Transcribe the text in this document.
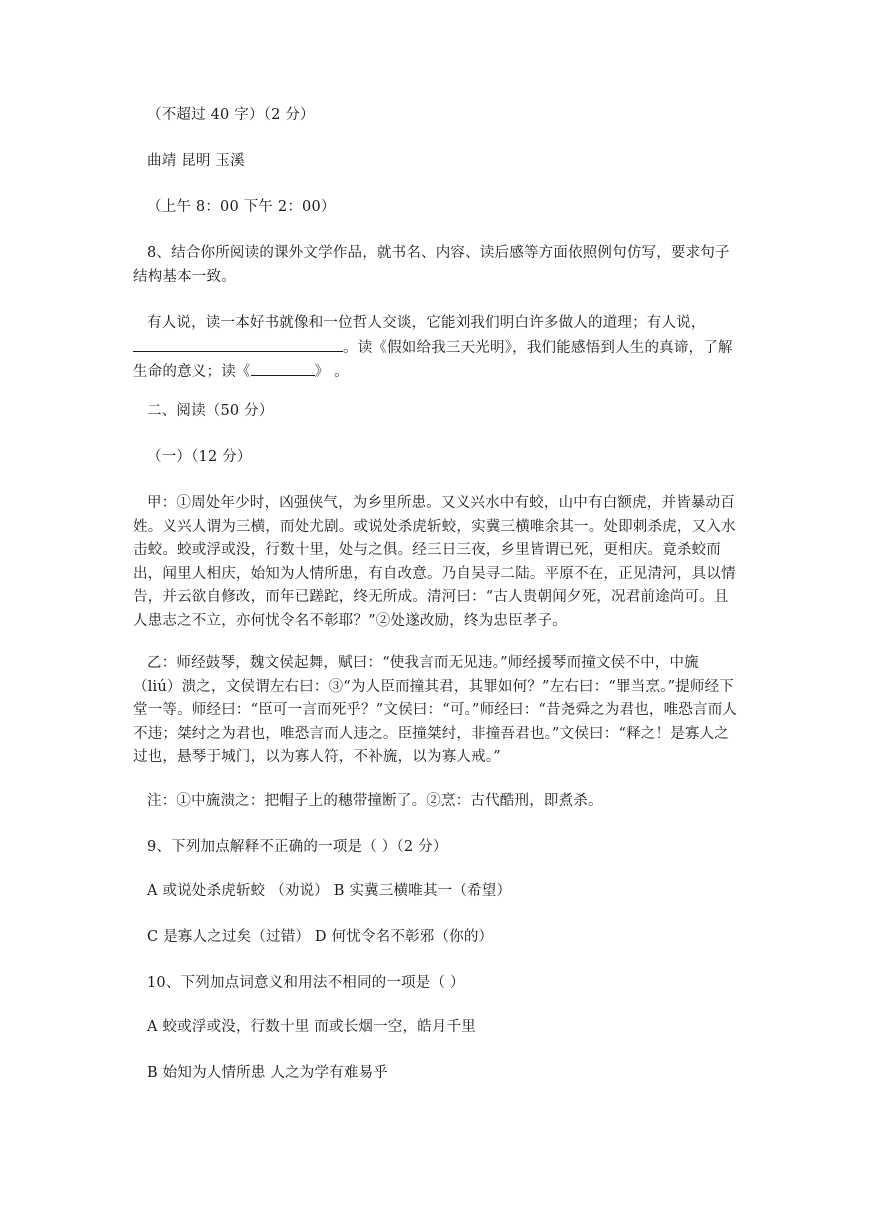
（不超过 40 字）（2 分）

曲靖 昆明 玉溪

（上午 8：00 下午 2：00）

8、结合你所阅读的课外文学作品，就书名、内容、读后感等方面依照例句仿写，要求句子结构基本一致。

有人说，读一本好书就像和一位哲人交谈，它能刘我们明白许多做人的道理；有人说，。读《假如给我三天光明》，我们能感悟到人生的真谛，了解生命的意义；读《	》 。

二、阅读（50 分）

（一）（12 分）

甲：①周处年少时，凶强侠气，为乡里所患。又义兴水中有蛟，山中有白额虎，并皆暴动百姓。义兴人谓为三横，而处尤剧。或说处杀虎斩蛟，实冀三横唯余其一。处即刺杀虎，又入水击蛟。蛟或浮或没，行数十里，处与之俱。经三日三夜，乡里皆谓已死，更相庆。竟杀蛟而出，闻里人相庆，始知为人情所患，有自改意。乃自吴寻二陆。平原不在，正见清河，具以情告，并云欲自修改，而年已蹉跎，终无所成。清河曰：“古人贵朝闻夕死，况君前途尚可。且人患志之不立，亦何忧令名不彰耶？”②处遂改励，终为忠臣孝子。

乙：师经鼓琴，魏文侯起舞，赋曰：“使我言而无见违。”师经援琴而撞文侯不中，中旒（liú）溃之，文侯谓左右曰：③“为人臣而撞其君，其罪如何？”左右曰：“罪当烹。”提师经下堂一等。师经曰：“臣可一言而死乎？”文侯曰：“可。”师经曰：“昔尧舜之为君也，唯恐言而人不违；桀纣之为君也，唯恐言而人违之。臣撞桀纣，非撞吾君也。”文侯曰：“释之！是寡人之过也，悬琴于城门，以为寡人符，不补旒，以为寡人戒。”

注：①中旒溃之：把帽子上的穗带撞断了。②烹：古代酷刑，即煮杀。

9、下列加点解释不正确的一项是（ ）（2 分）

A 或说处杀虎斩蛟 （劝说） B 实冀三横唯其一（希望）

C 是寡人之过矣（过错） D 何忧令名不彰邪（你的）

10、下列加点词意义和用法不相同的一项是（ ）

A 蛟或浮或没，行数十里 而或长烟一空，皓月千里

B 始知为人情所患 人之为学有难易乎
